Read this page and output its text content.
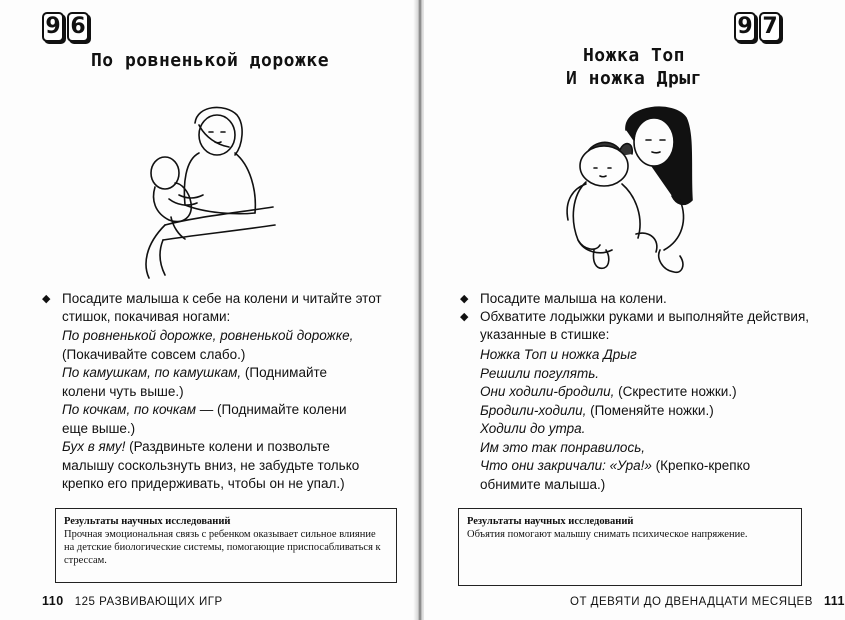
9 6
По ровненькой дорожке
◆ Посадите малыша к себе на колени и читайте этот стишок, покачивая ногами:
По ровненькой дорожке, ровненькой дорожке,
(Покачивайте совсем слабо.)
По камушкам, по камушкам, (Поднимайте
колени чуть выше.)
По кочкам, по кочкам — (Поднимайте колени
еще выше.)
Бух в яму! (Раздвиньте колени и позвольте
малышу соскользнуть вниз, не забудьте только
крепко его придерживать, чтобы он не упал.)
Результаты научных исследований
Прочная эмоциональная связь с ребенком оказывает сильное влияние на детские биологические системы, помогающие приспосабливаться к стрессам.
110 125 РАЗВИВАЮЩИХ ИГР
9 7
Ножка Топ
И ножка Дрыг
◆ Посадите малыша на колени.
◆ Обхватите лодыжки руками и выполняйте действия, указанные в стишке:
Ножка Топ и ножка Дрыг
Решили погулять.
Они ходили-бродили, (Скрестите ножки.)
Бродили-ходили, (Поменяйте ножки.)
Ходили до утра.
Им это так понравилось,
Что они закричали: «Ура!» (Крепко-крепко
обнимите малыша.)
Результаты научных исследований
Объятия помогают малышу снимать психическое напряжение.
ОТ ДЕВЯТИ ДО ДВЕНАДЦАТИ МЕСЯЦЕВ 111
